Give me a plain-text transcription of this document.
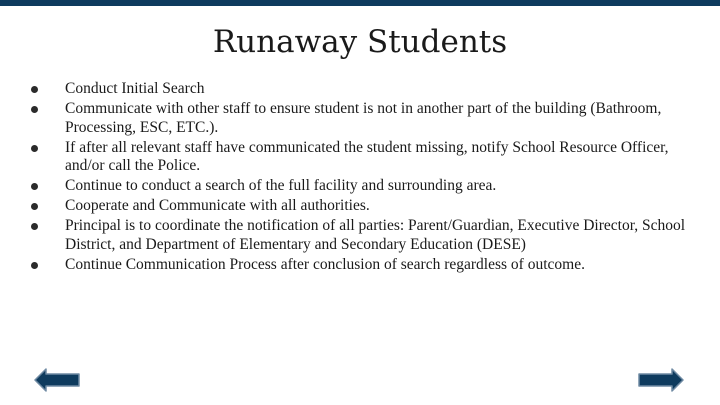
Runaway Students
Conduct Initial Search
Communicate with other staff to ensure student is not in another part of the building (Bathroom, Processing, ESC, ETC.).
If after all relevant staff have communicated the student missing, notify School Resource Officer, and/or call the Police.
Continue to conduct a search of the full facility and surrounding area.
Cooperate and Communicate with all authorities.
Principal is to coordinate the notification of all parties: Parent/Guardian, Executive Director, School District, and Department of Elementary and Secondary Education (DESE)
Continue Communication Process after conclusion of search regardless of outcome.
